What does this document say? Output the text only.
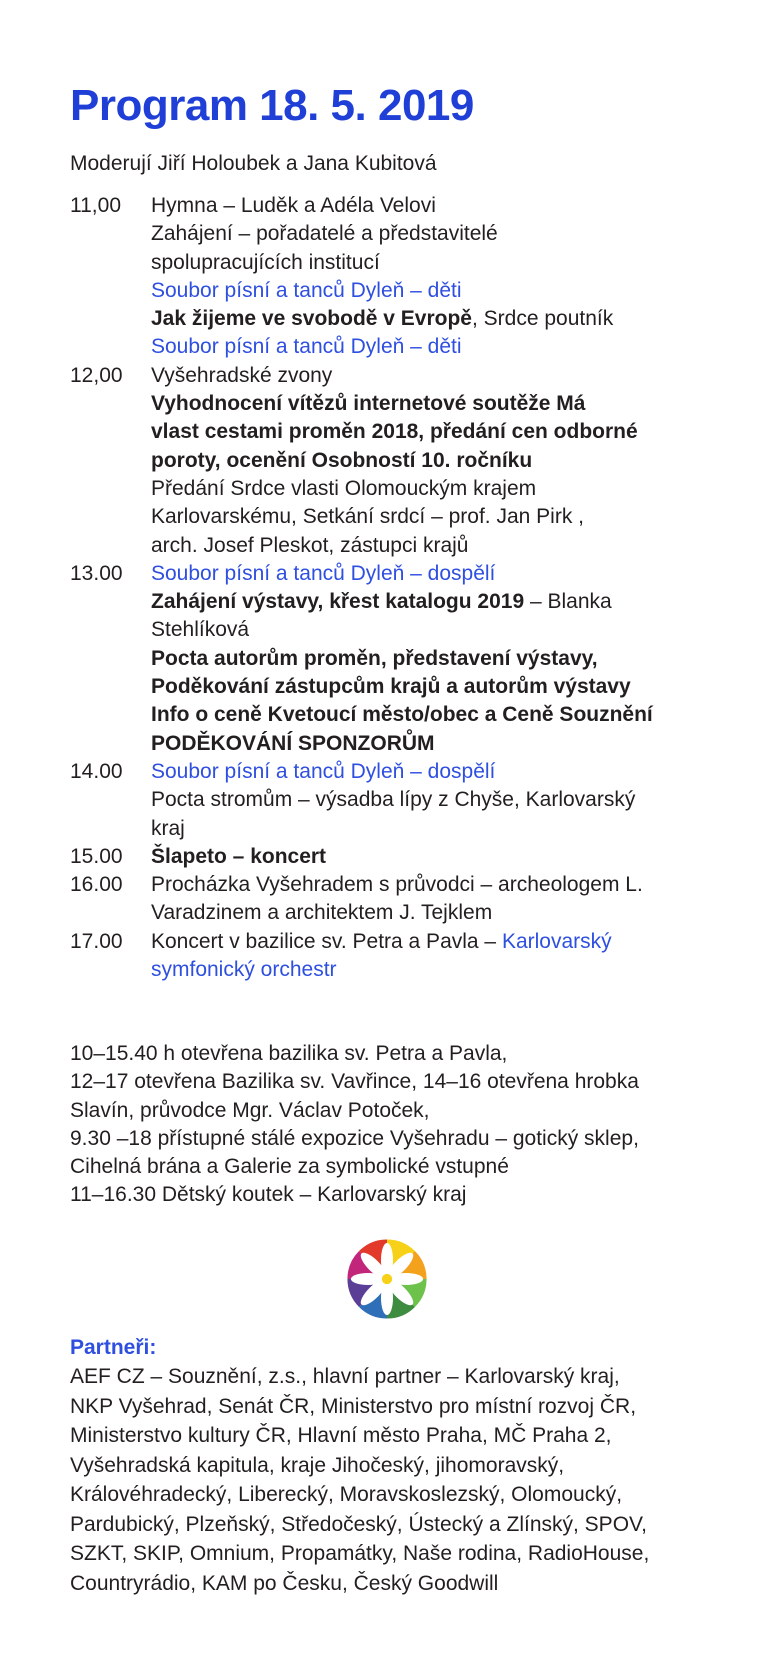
Program 18. 5. 2019

Moderují Jiří Holoubek a Jana Kubitová

11,00	Hymna – Luděk a Adéla Velovi
Zahájení – pořadatelé a představitelé
spolupracujících institucí
Soubor písní a tanců Dyleň – děti
Jak žijeme ve svobodě v Evropě, Srdce poutník
Soubor písní a tanců Dyleň – děti
12,00	Vyšehradské zvony
Vyhodnocení vítězů internetové soutěže Má
vlast cestami proměn 2018, předání cen odborné
poroty, ocenění Osobností 10. ročníku
Předání Srdce vlasti Olomouckým krajem
Karlovarskému, Setkání srdcí – prof. Jan Pirk ,
arch. Josef Pleskot, zástupci krajů
13.00	Soubor písní a tanců Dyleň – dospělí
Zahájení výstavy, křest katalogu 2019 – Blanka
Stehlíková
Pocta autorům proměn, představení výstavy,
Poděkování zástupcům krajů a autorům výstavy
Info o ceně Kvetoucí město/obec a Ceně Souznění
PODĚKOVÁNÍ SPONZORŮM
14.00	Soubor písní a tanců Dyleň – dospělí
Pocta stromům – výsadba lípy z Chyše, Karlovarský
kraj
15.00	Šlapeto – koncert
16.00	Procházka Vyšehradem s průvodci – archeologem L.
Varadzinem a architektem J. Tejklem
17.00	Koncert v bazilice sv. Petra a Pavla – Karlovarský
symfonický orchestr
10–15.40 h otevřena bazilika sv. Petra a Pavla,
12–17 otevřena Bazilika sv. Vavřince, 14–16 otevřena hrobka
Slavín, průvodce Mgr. Václav Potoček,
9.30 –18 přístupné stálé expozice Vyšehradu – gotický sklep,
Cihelná brána a Galerie za symbolické vstupné
11–16.30 Dětský koutek – Karlovarský kraj

Partneři:

AEF CZ – Souznění, z.s., hlavní partner – Karlovarský kraj,
NKP Vyšehrad, Senát ČR, Ministerstvo pro místní rozvoj ČR,
Ministerstvo kultury ČR, Hlavní město Praha, MČ Praha 2,
Vyšehradská kapitula, kraje Jihočeský, jihomoravský,
Královéhradecký, Liberecký, Moravskoslezský, Olomoucký,
Pardubický, Plzeňský, Středočeský, Ústecký a Zlínský, SPOV,
SZKT, SKIP, Omnium, Propamátky, Naše rodina, RadioHouse,
Countryrádio, KAM po Česku, Český Goodwill
